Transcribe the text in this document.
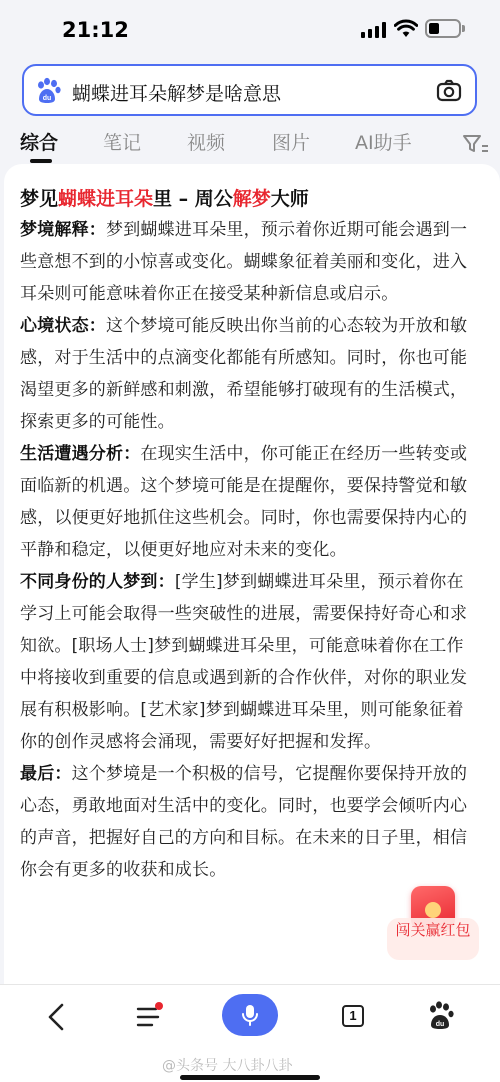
21:12
du 蝴蝶进耳朵解梦是啥意思
综合 笔记 视频 图片 AI助手
梦见蝴蝶进耳朵里 – 周公解梦大师

梦境解释：梦到蝴蝶进耳朵里，预示着你近期可能会遇到一些意想不到的小惊喜或变化。蝴蝶象征着美丽和变化，进入耳朵则可能意味着你正在接受某种新信息或启示。

心境状态：这个梦境可能反映出你当前的心态较为开放和敏感，对于生活中的点滴变化都能有所感知。同时，你也可能渴望更多的新鲜感和刺激，希望能够打破现有的生活模式，探索更多的可能性。

生活遭遇分析：在现实生活中，你可能正在经历一些转变或面临新的机遇。这个梦境可能是在提醒你，要保持警觉和敏感，以便更好地抓住这些机会。同时，你也需要保持内心的平静和稳定，以便更好地应对未来的变化。

不同身份的人梦到：[学生]梦到蝴蝶进耳朵里，预示着你在学习上可能会取得一些突破性的进展，需要保持好奇心和求知欲。[职场人士]梦到蝴蝶进耳朵里，可能意味着你在工作中将接收到重要的信息或遇到新的合作伙伴，对你的职业发展有积极影响。[艺术家]梦到蝴蝶进耳朵里，则可能象征着你的创作灵感将会涌现，需要好好把握和发挥。

最后：这个梦境是一个积极的信号，它提醒你要保持开放的心态，勇敢地面对生活中的变化。同时，也要学会倾听内心的声音，把握好自己的方向和目标。在未来的日子里，相信你会有更多的收获和成长。

闯关赢红包
1
du
@头条号 大八卦八卦
